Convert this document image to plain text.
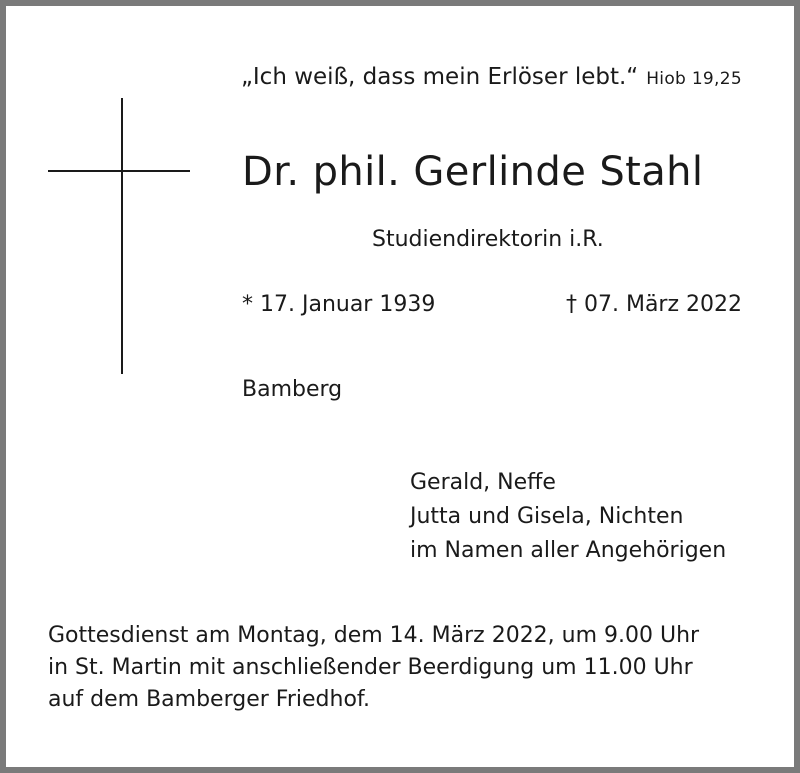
„Ich weiß, dass mein Erlöser lebt.“ Hiob 19,25
Dr. phil. Gerlinde Stahl
Studiendirektorin i.R.
* 17. Januar 1939	† 07. März 2022
Bamberg
Gerald, Neffe
Jutta und Gisela, Nichten
im Namen aller Angehörigen
Gottesdienst am Montag, dem 14. März 2022, um 9.00 Uhr
in St. Martin mit anschließender Beerdigung um 11.00 Uhr
auf dem Bamberger Friedhof.
